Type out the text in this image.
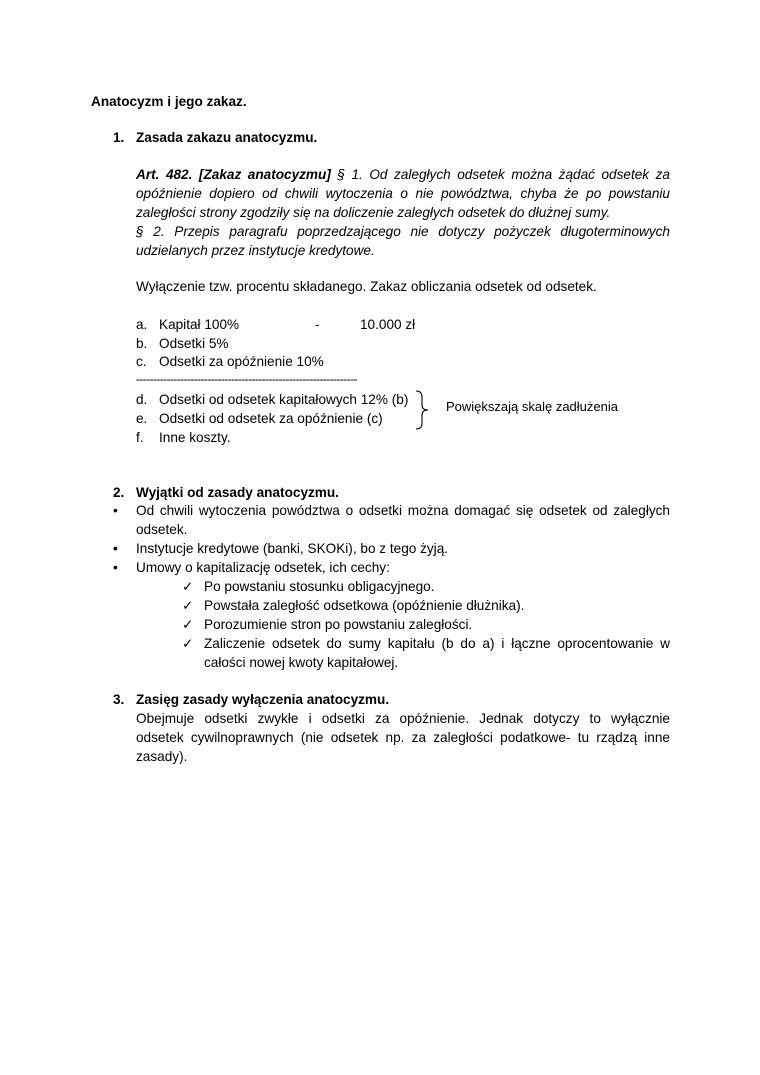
Anatocyzm i jego zakaz.
1. Zasada zakazu anatocyzmu.
Art. 482. [Zakaz anatocyzmu] § 1. Od zaległych odsetek można żądać odsetek za
opóźnienie dopiero od chwili wytoczenia o nie powództwa, chyba że po powstaniu
zaległości strony zgodziły się na doliczenie zaległych odsetek do dłużnej sumy.
§ 2. Przepis paragrafu poprzedzającego nie dotyczy pożyczek długoterminowych
udzielanych przez instytucje kredytowe.
Wyłączenie tzw. procentu składanego. Zakaz obliczania odsetek od odsetek.
a. Kapitał 100%	-	10.000 zł
b. Odsetki 5%
c. Odsetki za opóźnienie 10%
-----------------------------------------------------------------
d. Odsetki od odsetek kapitałowych 12% (b)
e. Odsetki od odsetek za opóźnienie (c)
f. Inne koszty.
Powiększają skalę zadłużenia
2. Wyjątki od zasady anatocyzmu.
• Od chwili wytoczenia powództwa o odsetki można domagać się odsetek od zaległych
odsetek.
• Instytucje kredytowe (banki, SKOKi), bo z tego żyją.
• Umowy o kapitalizację odsetek, ich cechy:
✓ Po powstaniu stosunku obligacyjnego.
✓ Powstała zaległość odsetkowa (opóźnienie dłużnika).
✓ Porozumienie stron po powstaniu zaległości.
✓ Zaliczenie odsetek do sumy kapitału (b do a) i łączne oprocentowanie w
całości nowej kwoty kapitałowej.
3. Zasięg zasady wyłączenia anatocyzmu.
Obejmuje odsetki zwykłe i odsetki za opóźnienie. Jednak dotyczy to wyłącznie
odsetek cywilnoprawnych (nie odsetek np. za zaległości podatkowe- tu rządzą inne
zasady).
